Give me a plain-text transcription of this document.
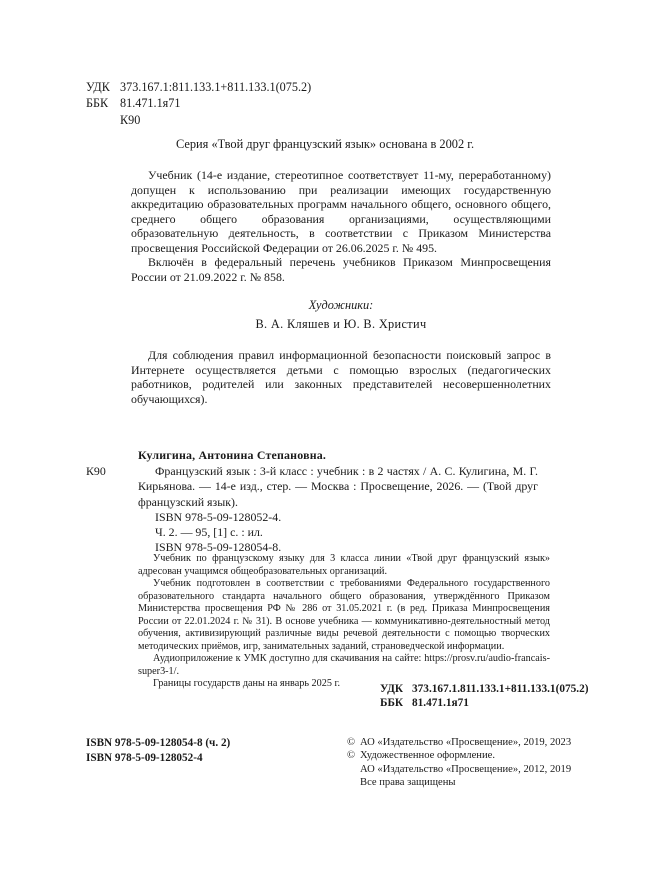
УДК 373.167.1:811.133.1+811.133.1(075.2)
ББК 81.471.1я71
К90
Серия «Твой друг французский язык» основана в 2002 г.

Учебник (14-е издание, стереотипное соответствует 11-му, переработанному) допущен к использованию при реализации имеющих государственную аккредитацию образовательных программ начального общего, основного общего, среднего общего образования организациями, осуществляющими образовательную деятельность, в соответствии с Приказом Министерства просвещения Российской Федерации от 26.06.2025 г. № 495.

Включён в федеральный перечень учебников Приказом Минпросвещения России от 21.09.2022 г. № 858.

Художники:
В. А. Кляшев и Ю. В. Христич
Для соблюдения правил информационной безопасности поисковый запрос в Интернете осуществляется детьми с помощью взрослых (педагогических работников, родителей или законных представителей несовершеннолетних обучающихся).
Кулигина, Антонина Степановна.
К90	Французский язык : 3-й класс : учебник : в 2 частях / А. С. Кулигина, М. Г. Кирьянова. — 14-е изд., стер. — Москва : Просвещение, 2026. — (Твой друг французский язык).
ISBN 978-5-09-128052-4.
Ч. 2. — 95, [1] с. : ил.
ISBN 978-5-09-128054-8.

Учебник по французскому языку для 3 класса линии «Твой друг французский язык» адресован учащимся общеобразовательных организаций.

Учебник подготовлен в соответствии с требованиями Федерального государственного образовательного стандарта начального общего образования, утверждённого Приказом Министерства просвещения РФ № 286 от 31.05.2021 г. (в ред. Приказа Минпросвещения России от 22.01.2024 г. № 31). В основе учебника — коммуникативно-деятельностный метод обучения, активизирующий различные виды речевой деятельности с помощью творческих методических приёмов, игр, занимательных заданий, страноведческой информации.

Аудиоприложение к УМК доступно для скачивания на сайте: https://prosv.ru/audio-francais-super3-1/.

Границы государств даны на январь 2025 г.	УДК 373.167.1.811.133.1+811.133.1(075.2)
ББК 81.471.1я71
ISBN 978-5-09-128054-8 (ч. 2)
ISBN 978-5-09-128052-4
© АО «Издательство «Просвещение», 2019, 2023
© Художественное оформление.
АО «Издательство «Просвещение», 2012, 2019
Все права защищены
